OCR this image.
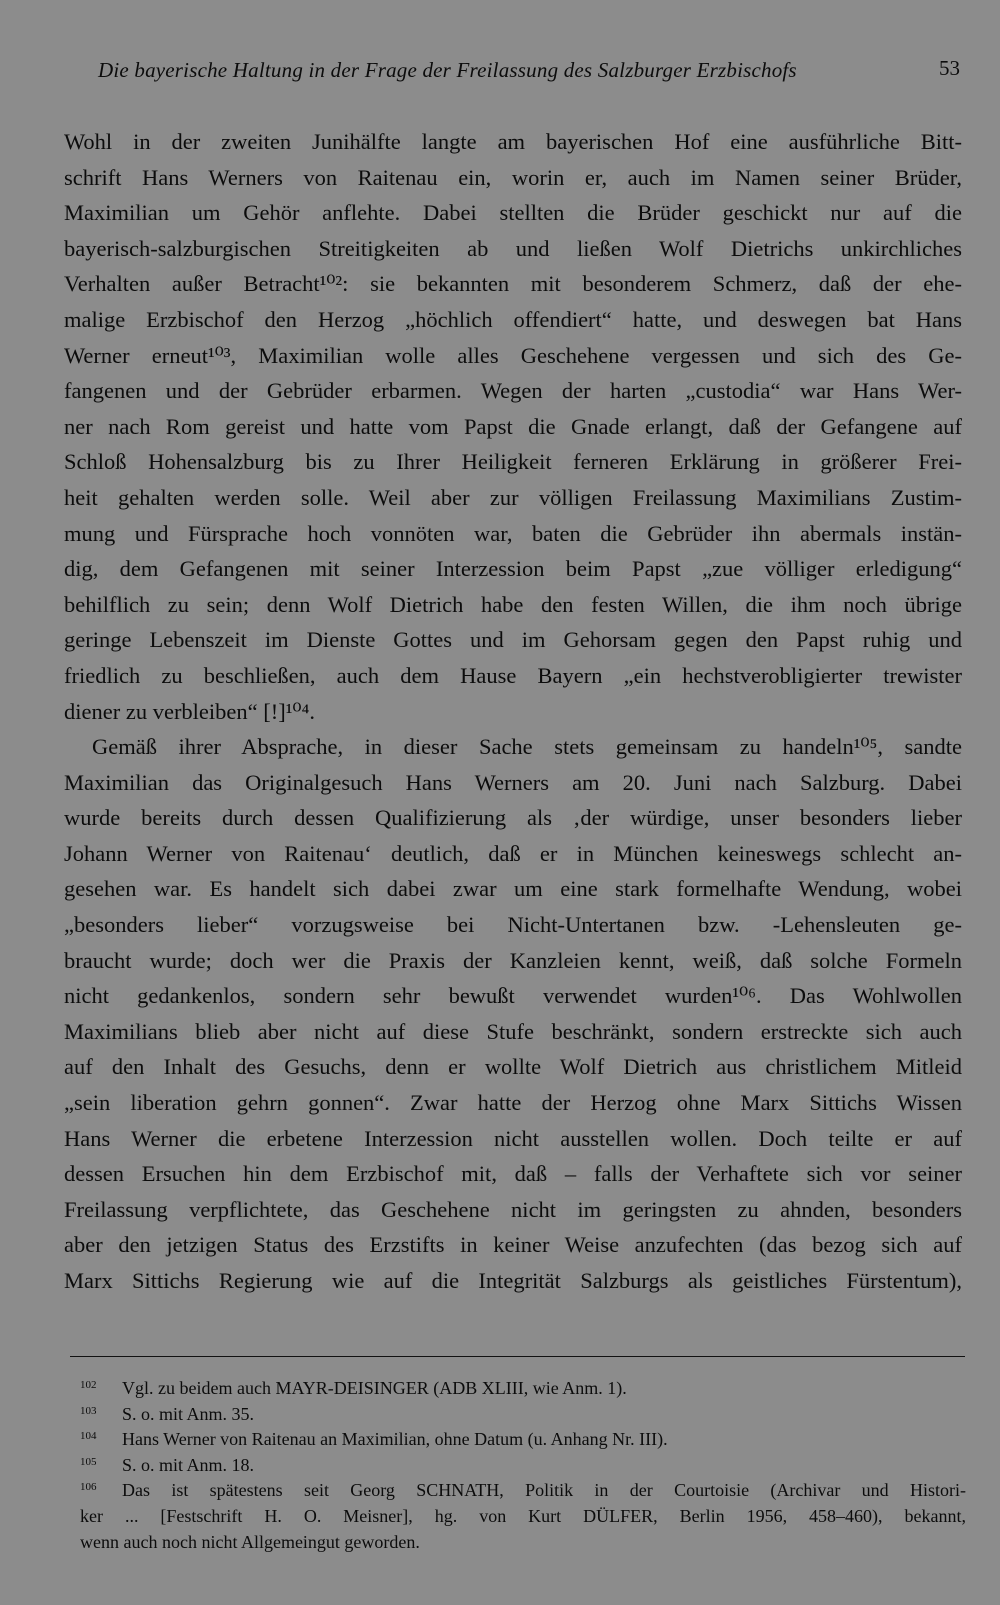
Die bayerische Haltung in der Frage der Freilassung des Salzburger Erzbischofs	53
Wohl in der zweiten Junihälfte langte am bayerischen Hof eine ausführliche Bitt-
schrift Hans Werners von Raitenau ein, worin er, auch im Namen seiner Brüder,
Maximilian um Gehör anflehte. Dabei stellten die Brüder geschickt nur auf die
bayerisch-salzburgischen Streitigkeiten ab und ließen Wolf Dietrichs unkirchliches
Verhalten außer Betracht¹⁰²: sie bekannten mit besonderem Schmerz, daß der ehe-
malige Erzbischof den Herzog „höchlich offendiert“ hatte, und deswegen bat Hans
Werner erneut¹⁰³, Maximilian wolle alles Geschehene vergessen und sich des Ge-
fangenen und der Gebrüder erbarmen. Wegen der harten „custodia“ war Hans Wer-
ner nach Rom gereist und hatte vom Papst die Gnade erlangt, daß der Gefangene auf
Schloß Hohensalzburg bis zu Ihrer Heiligkeit ferneren Erklärung in größerer Frei-
heit gehalten werden solle. Weil aber zur völligen Freilassung Maximilians Zustim-
mung und Fürsprache hoch vonnöten war, baten die Gebrüder ihn abermals instän-
dig, dem Gefangenen mit seiner Interzession beim Papst „zue völliger erledigung“
behilflich zu sein; denn Wolf Dietrich habe den festen Willen, die ihm noch übrige
geringe Lebenszeit im Dienste Gottes und im Gehorsam gegen den Papst ruhig und
friedlich zu beschließen, auch dem Hause Bayern „ein hechstverobligierter trewister
diener zu verbleiben“ [!]¹⁰⁴.
Gemäß ihrer Absprache, in dieser Sache stets gemeinsam zu handeln¹⁰⁵, sandte
Maximilian das Originalgesuch Hans Werners am 20. Juni nach Salzburg. Dabei
wurde bereits durch dessen Qualifizierung als ‚der würdige, unser besonders lieber
Johann Werner von Raitenau‘ deutlich, daß er in München keineswegs schlecht an-
gesehen war. Es handelt sich dabei zwar um eine stark formelhafte Wendung, wobei
„besonders lieber“ vorzugsweise bei Nicht-Untertanen bzw. -Lehensleuten ge-
braucht wurde; doch wer die Praxis der Kanzleien kennt, weiß, daß solche Formeln
nicht gedankenlos, sondern sehr bewußt verwendet wurden¹⁰⁶. Das Wohlwollen
Maximilians blieb aber nicht auf diese Stufe beschränkt, sondern erstreckte sich auch
auf den Inhalt des Gesuchs, denn er wollte Wolf Dietrich aus christlichem Mitleid
„sein liberation gehrn gonnen“. Zwar hatte der Herzog ohne Marx Sittichs Wissen
Hans Werner die erbetene Interzession nicht ausstellen wollen. Doch teilte er auf
dessen Ersuchen hin dem Erzbischof mit, daß – falls der Verhaftete sich vor seiner
Freilassung verpflichtete, das Geschehene nicht im geringsten zu ahnden, besonders
aber den jetzigen Status des Erzstifts in keiner Weise anzufechten (das bezog sich auf
Marx Sittichs Regierung wie auf die Integrität Salzburgs als geistliches Fürstentum),
102 Vgl. zu beidem auch MAYR-DEISINGER (ADB XLIII, wie Anm. 1).
103 S. o. mit Anm. 35.
104 Hans Werner von Raitenau an Maximilian, ohne Datum (u. Anhang Nr. III).
105 S. o. mit Anm. 18.
106 Das ist spätestens seit Georg SCHNATH, Politik in der Courtoisie (Archivar und Histori-
ker ... [Festschrift H. O. Meisner], hg. von Kurt DÜLFER, Berlin 1956, 458–460), bekannt,
wenn auch noch nicht Allgemeingut geworden.
